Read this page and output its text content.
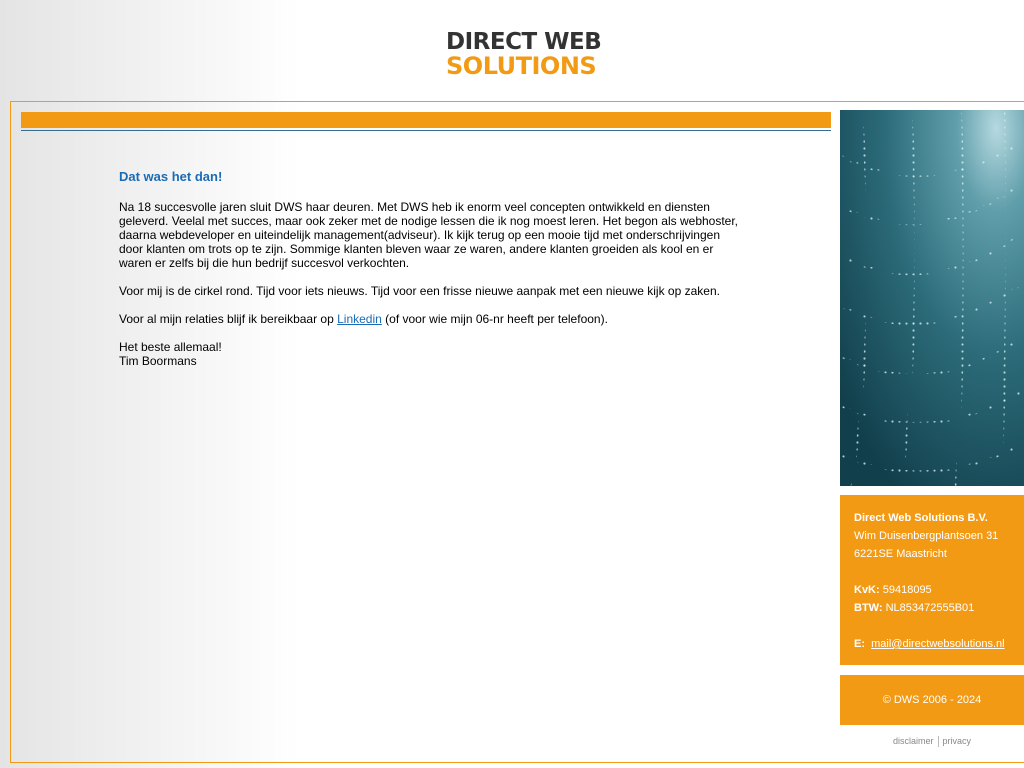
DIRECT WEB
SOLUTIONS
Dat was het dan!

Na 18 succesvolle jaren sluit DWS haar deuren. Met DWS heb ik enorm veel concepten ontwikkeld en diensten geleverd. Veelal met succes, maar ook zeker met de nodige lessen die ik nog moest leren. Het begon als webhoster, daarna webdeveloper en uiteindelijk management(adviseur). Ik kijk terug op een mooie tijd met onderschrijvingen door klanten om trots op te zijn. Sommige klanten bleven waar ze waren, andere klanten groeiden als kool en er waren er zelfs bij die hun bedrijf succesvol verkochten.

Voor mij is de cirkel rond. Tijd voor iets nieuws. Tijd voor een frisse nieuwe aanpak met een nieuwe kijk op zaken.

Voor al mijn relaties blijf ik bereikbaar op Linkedin (of voor wie mijn 06-nr heeft per telefoon).

Het beste allemaal!
Tim Boormans
Direct Web Solutions B.V.
Wim Duisenbergplantsoen 31
6221SE Maastricht
KvK: 59418095
BTW: NL853472555B01
E: mail@directwebsolutions.nl
© DWS 2006 - 2024
disclaimer privacy
